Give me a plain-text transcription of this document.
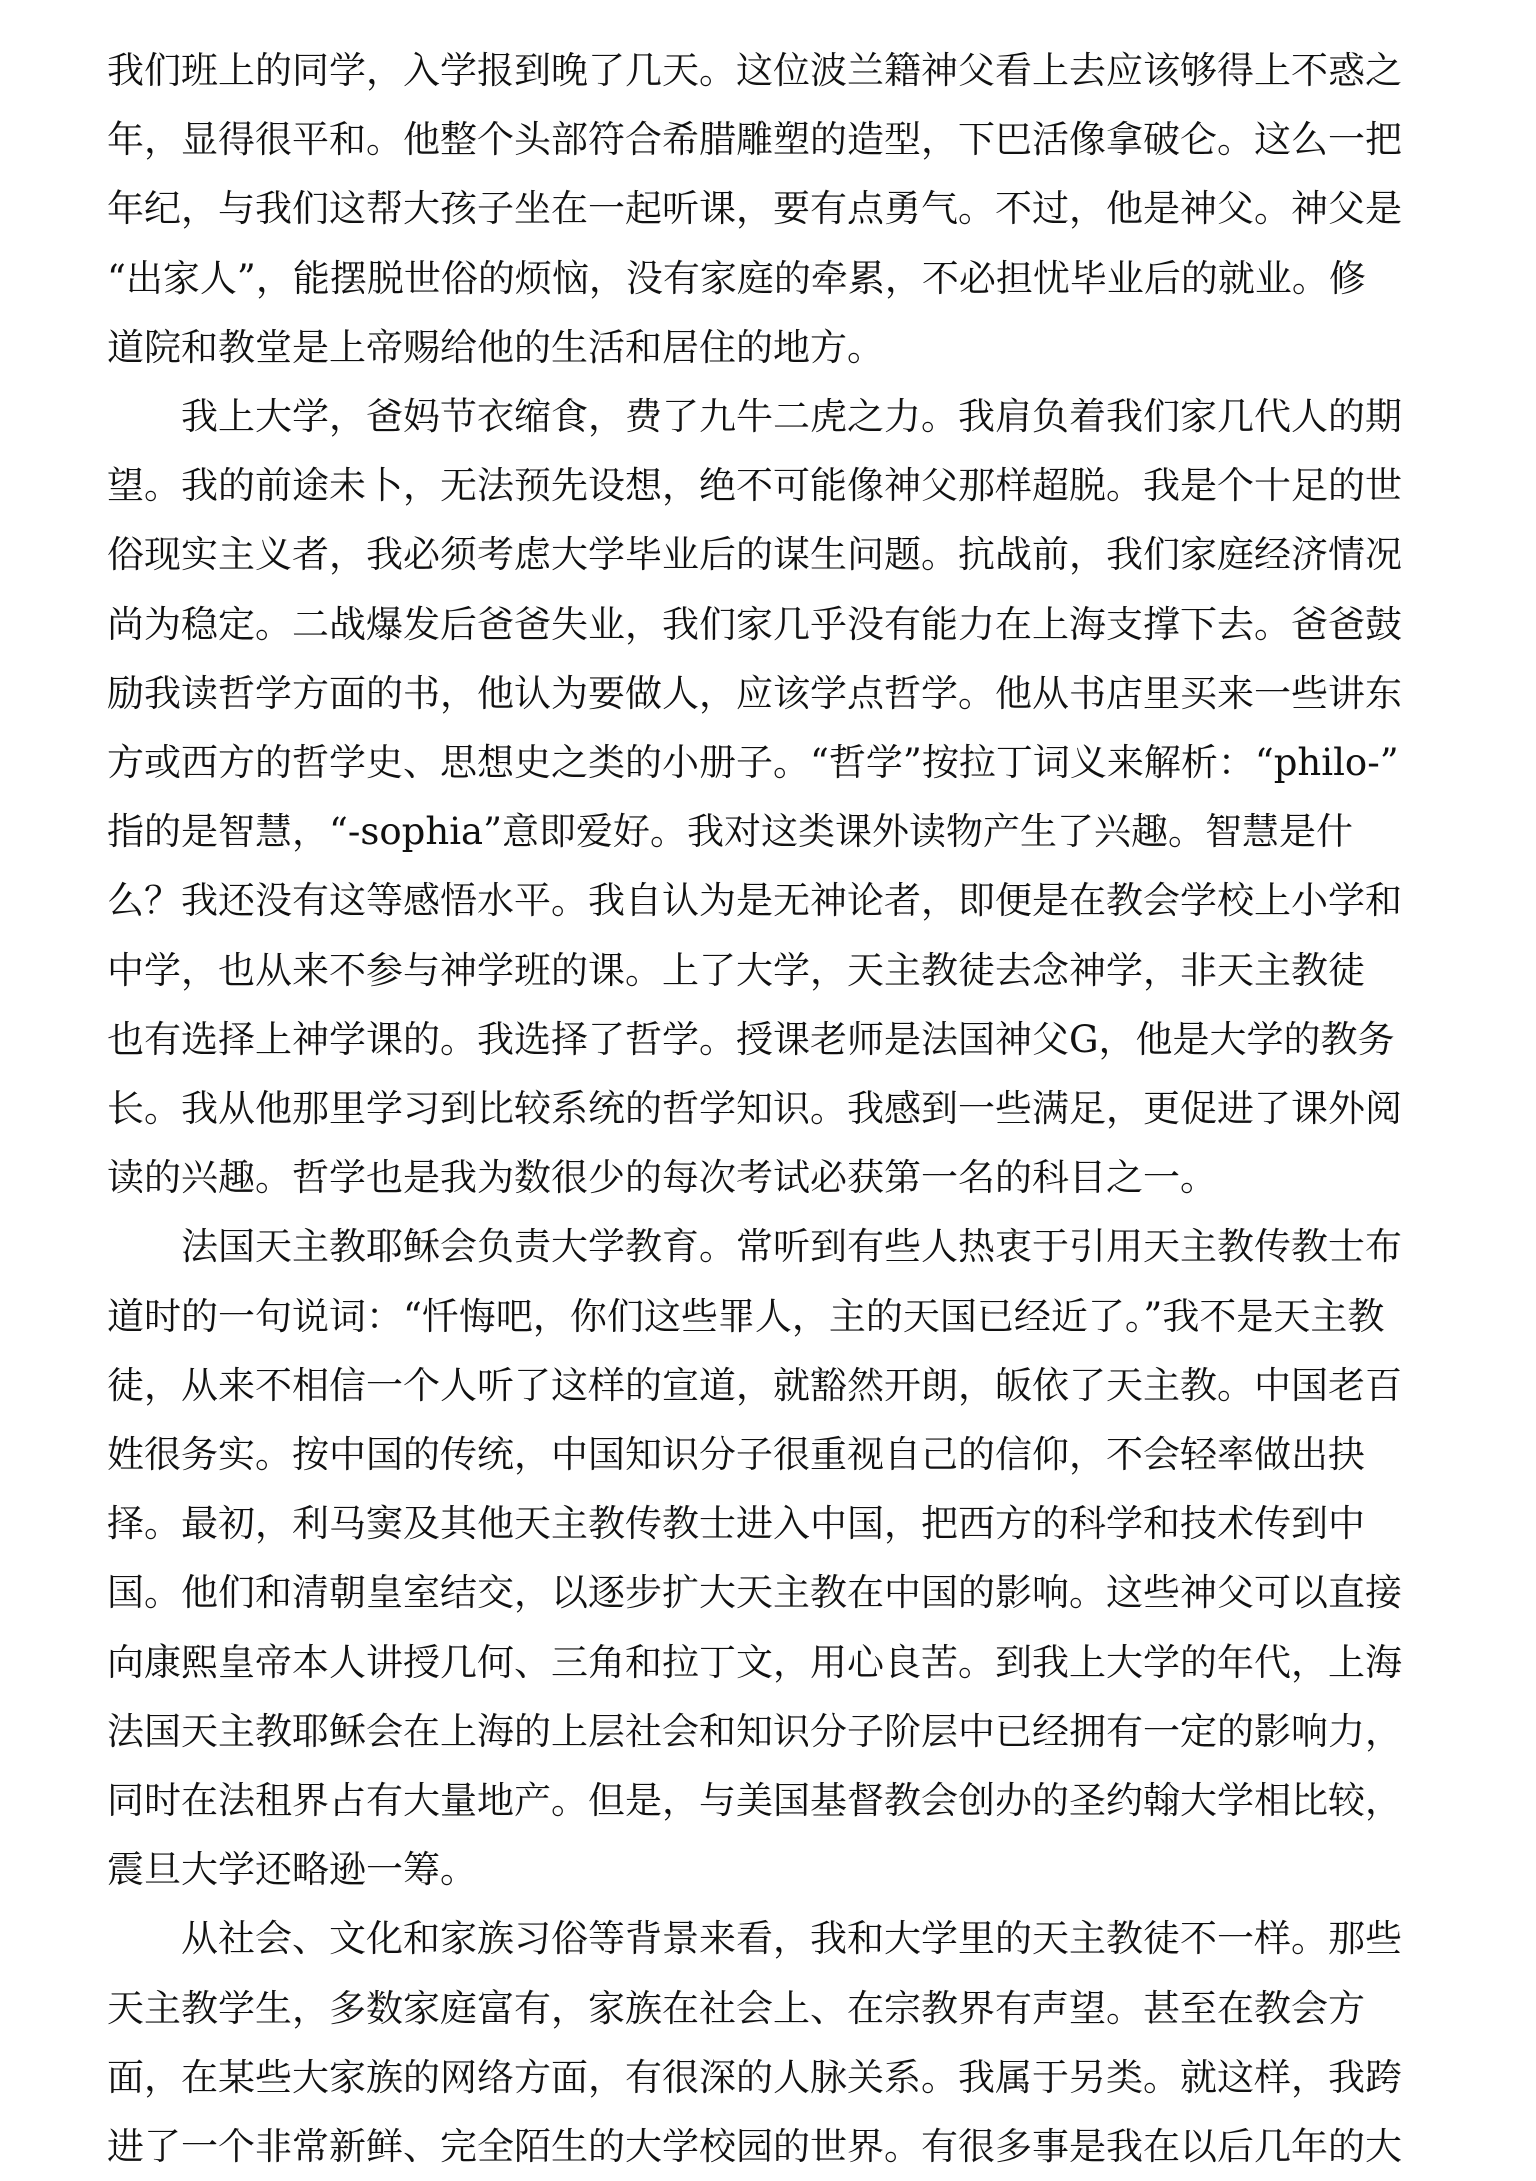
我们班上的同学，入学报到晚了几天。这位波兰籍神父看上去应该够得上不惑之
年，显得很平和。他整个头部符合希腊雕塑的造型，下巴活像拿破仑。这么一把
年纪，与我们这帮大孩子坐在一起听课，要有点勇气。不过，他是神父。神父是
“出家人”，能摆脱世俗的烦恼，没有家庭的牵累，不必担忧毕业后的就业。修
道院和教堂是上帝赐给他的生活和居住的地方。
我上大学，爸妈节衣缩食，费了九牛二虎之力。我肩负着我们家几代人的期
望。我的前途未卜，无法预先设想，绝不可能像神父那样超脱。我是个十足的世
俗现实主义者，我必须考虑大学毕业后的谋生问题。抗战前，我们家庭经济情况
尚为稳定。二战爆发后爸爸失业，我们家几乎没有能力在上海支撑下去。爸爸鼓
励我读哲学方面的书，他认为要做人，应该学点哲学。他从书店里买来一些讲东
方或西方的哲学史、思想史之类的小册子。“哲学”按拉丁词义来解析：“philo-”
指的是智慧，“-sophia”意即爱好。我对这类课外读物产生了兴趣。智慧是什
么？我还没有这等感悟水平。我自认为是无神论者，即便是在教会学校上小学和
中学，也从来不参与神学班的课。上了大学，天主教徒去念神学，非天主教徒
也有选择上神学课的。我选择了哲学。授课老师是法国神父G，他是大学的教务
长。我从他那里学习到比较系统的哲学知识。我感到一些满足，更促进了课外阅
读的兴趣。哲学也是我为数很少的每次考试必获第一名的科目之一。
法国天主教耶稣会负责大学教育。常听到有些人热衷于引用天主教传教士布
道时的一句说词：“忏悔吧，你们这些罪人，主的天国已经近了。”我不是天主教
徒，从来不相信一个人听了这样的宣道，就豁然开朗，皈依了天主教。中国老百
姓很务实。按中国的传统，中国知识分子很重视自己的信仰，不会轻率做出抉
择。最初，利马窦及其他天主教传教士进入中国，把西方的科学和技术传到中
国。他们和清朝皇室结交，以逐步扩大天主教在中国的影响。这些神父可以直接
向康熙皇帝本人讲授几何、三角和拉丁文，用心良苦。到我上大学的年代，上海
法国天主教耶稣会在上海的上层社会和知识分子阶层中已经拥有一定的影响力，
同时在法租界占有大量地产。但是，与美国基督教会创办的圣约翰大学相比较，
震旦大学还略逊一筹。
从社会、文化和家族习俗等背景来看，我和大学里的天主教徒不一样。那些
天主教学生，多数家庭富有，家族在社会上、在宗教界有声望。甚至在教会方
面，在某些大家族的网络方面，有很深的人脉关系。我属于另类。就这样，我跨
进了一个非常新鲜、完全陌生的大学校园的世界。有很多事是我在以后几年的大
